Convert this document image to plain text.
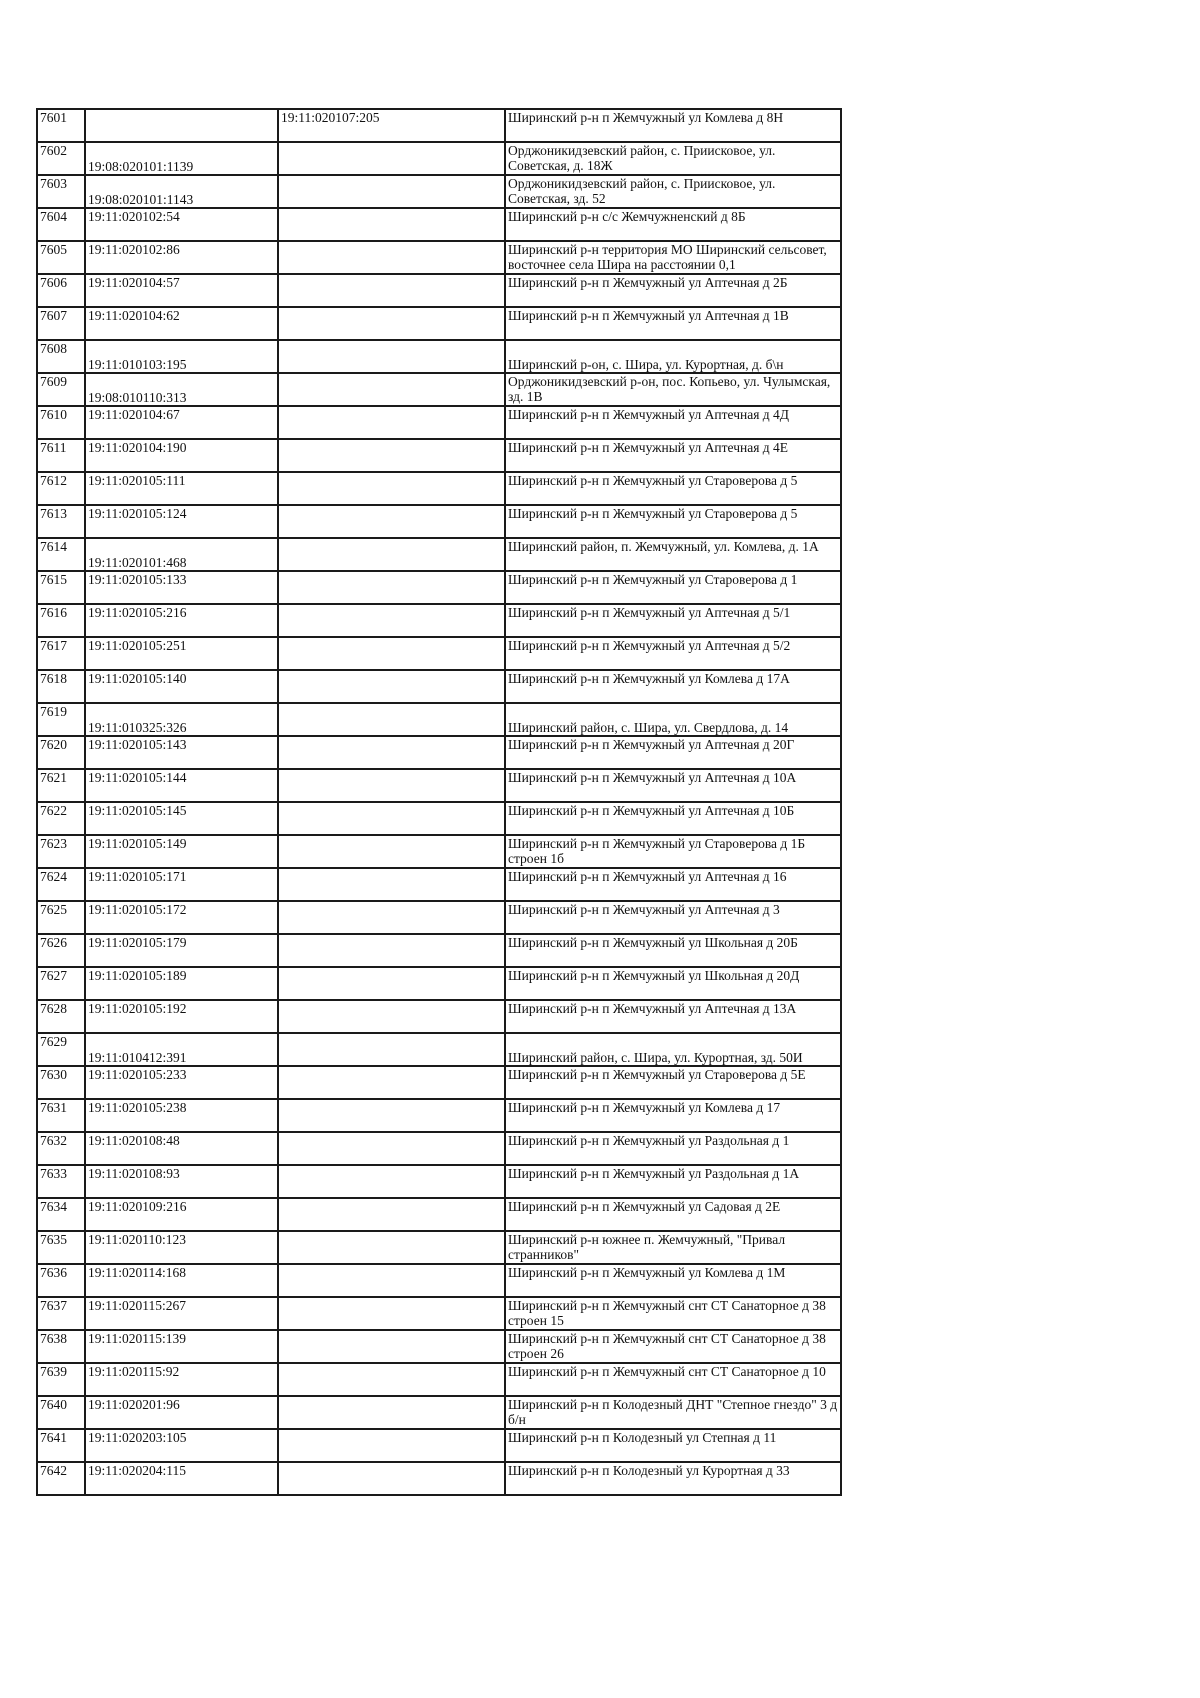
7601		19:11:020107:205	Ширинский р-н п Жемчужный ул Комлева д 8Н
7602	19:08:020101:1139		Орджоникидзевский район, с. Приисковое, ул. Советская, д. 18Ж
7603	19:08:020101:1143		Орджоникидзевский район, с. Приисковое, ул. Советская, зд. 52
7604	19:11:020102:54		Ширинский р-н с/с Жемчужненский д 8Б
7605	19:11:020102:86		Ширинский р-н территория МО Ширинский сельсовет, восточнее села Шира на расстоянии 0,1
7606	19:11:020104:57		Ширинский р-н п Жемчужный ул Аптечная д 2Б
7607	19:11:020104:62		Ширинский р-н п Жемчужный ул Аптечная д 1В
7608	19:11:010103:195		Ширинский р-он, с. Шира, ул. Курортная, д. б\н
7609	19:08:010110:313		Орджоникидзевский р-он, пос. Копьево, ул. Чулымская, зд. 1В
7610	19:11:020104:67		Ширинский р-н п Жемчужный ул Аптечная д 4Д
7611	19:11:020104:190		Ширинский р-н п Жемчужный ул Аптечная д 4Е
7612	19:11:020105:111		Ширинский р-н п Жемчужный ул Староверова д 5
7613	19:11:020105:124		Ширинский р-н п Жемчужный ул Староверова д 5
7614	19:11:020101:468		Ширинский район, п. Жемчужный, ул. Комлева, д. 1А
7615	19:11:020105:133		Ширинский р-н п Жемчужный ул Староверова д 1
7616	19:11:020105:216		Ширинский р-н п Жемчужный ул Аптечная д 5/1
7617	19:11:020105:251		Ширинский р-н п Жемчужный ул Аптечная д 5/2
7618	19:11:020105:140		Ширинский р-н п Жемчужный ул Комлева д 17А
7619	19:11:010325:326		Ширинский район, с. Шира, ул. Свердлова, д. 14
7620	19:11:020105:143		Ширинский р-н п Жемчужный ул Аптечная д 20Г
7621	19:11:020105:144		Ширинский р-н п Жемчужный ул Аптечная д 10А
7622	19:11:020105:145		Ширинский р-н п Жемчужный ул Аптечная д 10Б
7623	19:11:020105:149		Ширинский р-н п Жемчужный ул Староверова д 1Б строен 1б
7624	19:11:020105:171		Ширинский р-н п Жемчужный ул Аптечная д 16
7625	19:11:020105:172		Ширинский р-н п Жемчужный ул Аптечная д 3
7626	19:11:020105:179		Ширинский р-н п Жемчужный ул Школьная д 20Б
7627	19:11:020105:189		Ширинский р-н п Жемчужный ул Школьная д 20Д
7628	19:11:020105:192		Ширинский р-н п Жемчужный ул Аптечная д 13А
7629	19:11:010412:391		Ширинский район, с. Шира, ул. Курортная, зд. 50И
7630	19:11:020105:233		Ширинский р-н п Жемчужный ул Староверова д 5Е
7631	19:11:020105:238		Ширинский р-н п Жемчужный ул Комлева д 17
7632	19:11:020108:48		Ширинский р-н п Жемчужный ул Раздольная д 1
7633	19:11:020108:93		Ширинский р-н п Жемчужный ул Раздольная д 1А
7634	19:11:020109:216		Ширинский р-н п Жемчужный ул Садовая д 2Е
7635	19:11:020110:123		Ширинский р-н южнее п. Жемчужный, "Привал странников"
7636	19:11:020114:168		Ширинский р-н п Жемчужный ул Комлева д 1М
7637	19:11:020115:267		Ширинский р-н п Жемчужный снт СТ Санаторное д 38 строен 15
7638	19:11:020115:139		Ширинский р-н п Жемчужный снт СТ Санаторное д 38 строен 26
7639	19:11:020115:92		Ширинский р-н п Жемчужный снт СТ Санаторное д 10
7640	19:11:020201:96		Ширинский р-н п Колодезный ДНТ "Степное гнездо" 3 д б/н
7641	19:11:020203:105		Ширинский р-н п Колодезный ул Степная д 11
7642	19:11:020204:115		Ширинский р-н п Колодезный ул Курортная д 33
